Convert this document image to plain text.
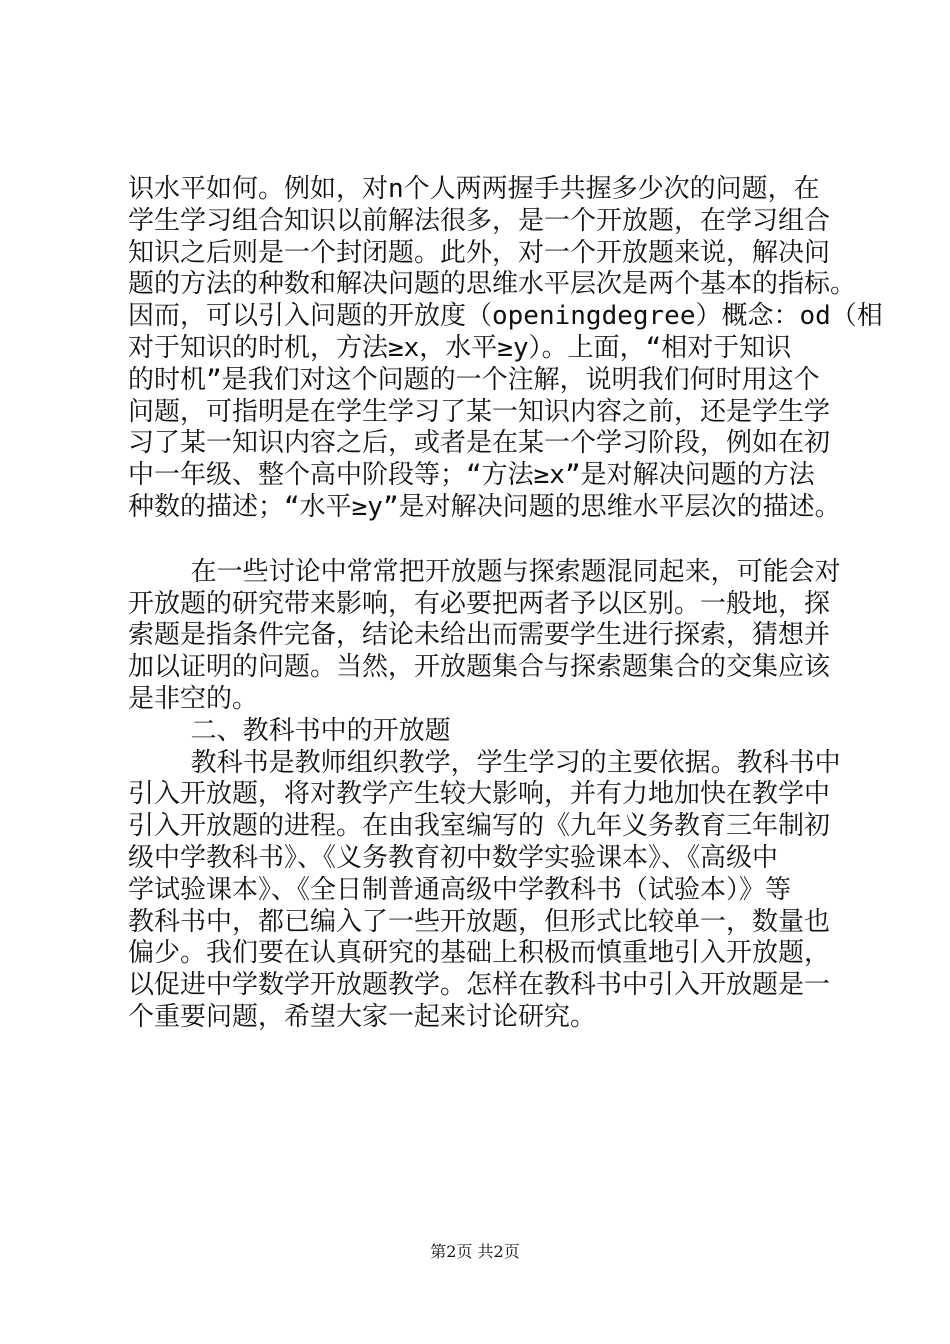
识水平如何。例如，对n个人两两握手共握多少次的问题，在
学生学习组合知识以前解法很多，是一个开放题，在学习组合
知识之后则是一个封闭题。此外，对一个开放题来说，解决问
题的方法的种数和解决问题的思维水平层次是两个基本的指标。
因而，可以引入问题的开放度（openingdegree）概念：od（相
对于知识的时机，方法≥x，水平≥y）。上面，“相对于知识
的时机”是我们对这个问题的一个注解，说明我们何时用这个
问题，可指明是在学生学习了某一知识内容之前，还是学生学
习了某一知识内容之后，或者是在某一个学习阶段，例如在初
中一年级、整个高中阶段等；“方法≥x”是对解决问题的方法
种数的描述；“水平≥y”是对解决问题的思维水平层次的描述。
在一些讨论中常常把开放题与探索题混同起来，可能会对
开放题的研究带来影响，有必要把两者予以区别。一般地，探
索题是指条件完备，结论未给出而需要学生进行探索，猜想并
加以证明的问题。当然，开放题集合与探索题集合的交集应该
是非空的。
二、教科书中的开放题
教科书是教师组织教学，学生学习的主要依据。教科书中
引入开放题，将对教学产生较大影响，并有力地加快在教学中
引入开放题的进程。在由我室编写的《九年义务教育三年制初
级中学教科书》、《义务教育初中数学实验课本》、《高级中
学试验课本》、《全日制普通高级中学教科书（试验本）》等
教科书中，都已编入了一些开放题，但形式比较单一，数量也
偏少。我们要在认真研究的基础上积极而慎重地引入开放题，
以促进中学数学开放题教学。怎样在教科书中引入开放题是一
个重要问题，希望大家一起来讨论研究。
第2页 共2页
